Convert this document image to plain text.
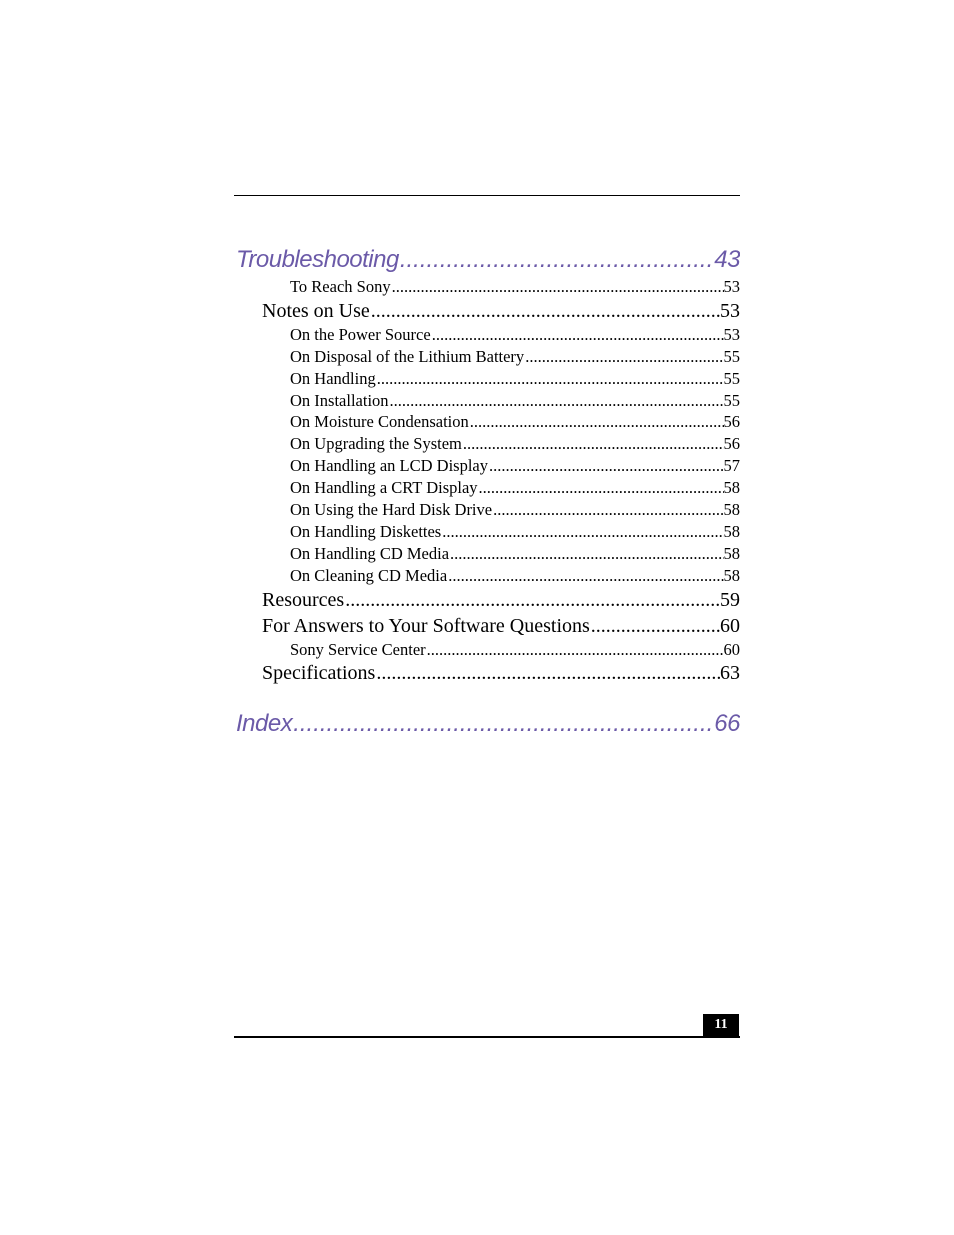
Troubleshooting .....	43
To Reach Sony .....	53
Notes on Use .....	53
On the Power Source .....	53
On Disposal of the Lithium Battery .....	55
On Handling .....	55
On Installation .....	55
On Moisture Condensation .....	56
On Upgrading the System .....	56
On Handling an LCD Display .....	57
On Handling a CRT Display .....	58
On Using the Hard Disk Drive .....	58
On Handling Diskettes .....	58
On Handling CD Media .....	58
On Cleaning CD Media .....	58
Resources .....	59
For Answers to Your Software Questions .....	60
Sony Service Center .....	60
Specifications .....	63
Index .....	66
11
